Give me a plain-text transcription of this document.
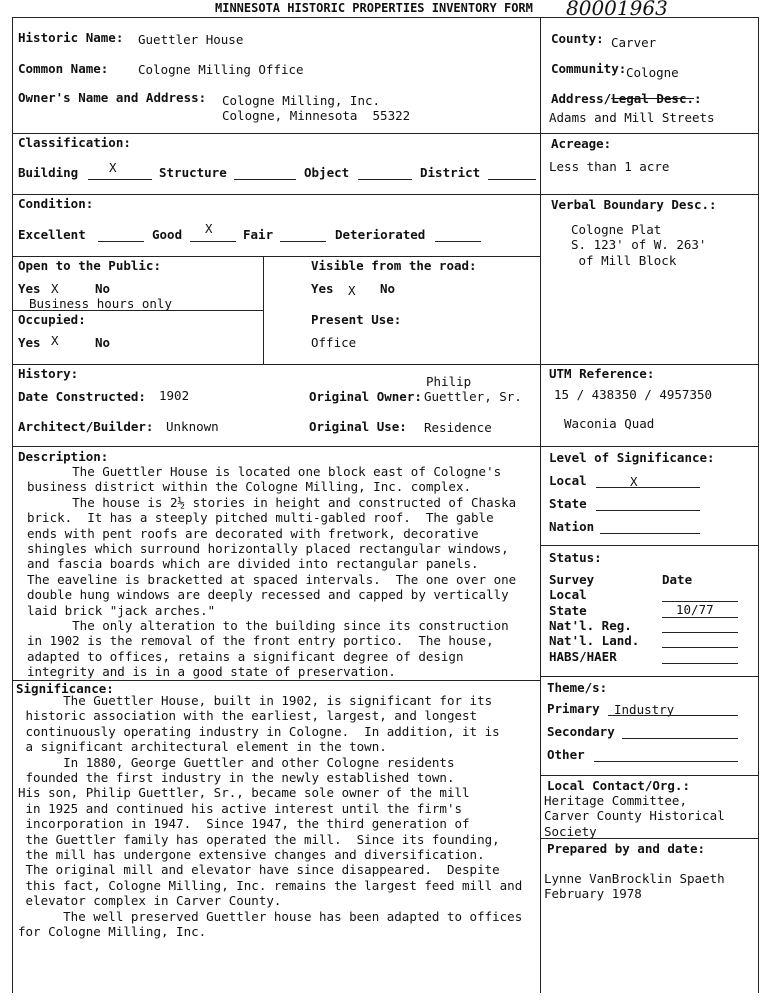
MINNESOTA HISTORIC PROPERTIES INVENTORY FORM 80001963
Historic Name: Guettler House
Common Name: Cologne Milling Office
Owner's Name and Address: Cologne Milling, Inc.
Cologne, Minnesota  55322
County: Carver
Community: Cologne
Address/Legal Desc.:
Adams and Mill Streets
Classification:
Building X	Structure	Object	District
Acreage:
Less than 1 acre
Condition:
Excellent	Good X Fair	Deteriorated
Verbal Boundary Desc.:
Cologne Plat
S. 123' of W. 263'
of Mill Block
Open to the Public:
Yes X	No
Business hours only
Visible from the road:
Yes X No
Occupied:
Yes X	No
Present Use:
Office
History:
Date Constructed: 1902
Philip
Original Owner: Guettler, Sr.
Architect/Builder: Unknown	Original Use: Residence
UTM Reference:
15 / 438350 / 4957350
Waconia Quad
Description:
The Guettler House is located one block east of Cologne's
business district within the Cologne Milling, Inc. complex.
The house is 2½ stories in height and constructed of Chaska
brick.  It has a steeply pitched multi-gabled roof.  The gable
ends with pent roofs are decorated with fretwork, decorative
shingles which surround horizontally placed rectangular windows,
and fascia boards which are divided into rectangular panels.
The eaveline is bracketted at spaced intervals.  The one over one
double hung windows are deeply recessed and capped by vertically
laid brick "jack arches."
The only alteration to the building since its construction
in 1902 is the removal of the front entry portico.  The house,
adapted to offices, retains a significant degree of design
integrity and is in a good state of preservation.
Level of Significance:
Local	X
State
Nation
Status:
Survey	Date
Local
State	10/77
Nat'l. Reg.
Nat'l. Land.
HABS/HAER
Significance:
The Guettler House, built in 1902, is significant for its
historic association with the earliest, largest, and longest
continuously operating industry in Cologne.  In addition, it is
a significant architectural element in the town.
In 1880, George Guettler and other Cologne residents
founded the first industry in the newly established town.
His son, Philip Guettler, Sr., became sole owner of the mill
in 1925 and continued his active interest until the firm's
incorporation in 1947.  Since 1947, the third generation of
the Guettler family has operated the mill.  Since its founding,
the mill has undergone extensive changes and diversification.
The original mill and elevator have since disappeared.  Despite
this fact, Cologne Milling, Inc. remains the largest feed mill and
elevator complex in Carver County.
The well preserved Guettler house has been adapted to offices
for Cologne Milling, Inc.
Theme/s:
Primary Industry
Secondary
Other
Local Contact/Org.:
Heritage Committee,
Carver County Historical
Society
Prepared by and date:
Lynne VanBrocklin Spaeth
February 1978
